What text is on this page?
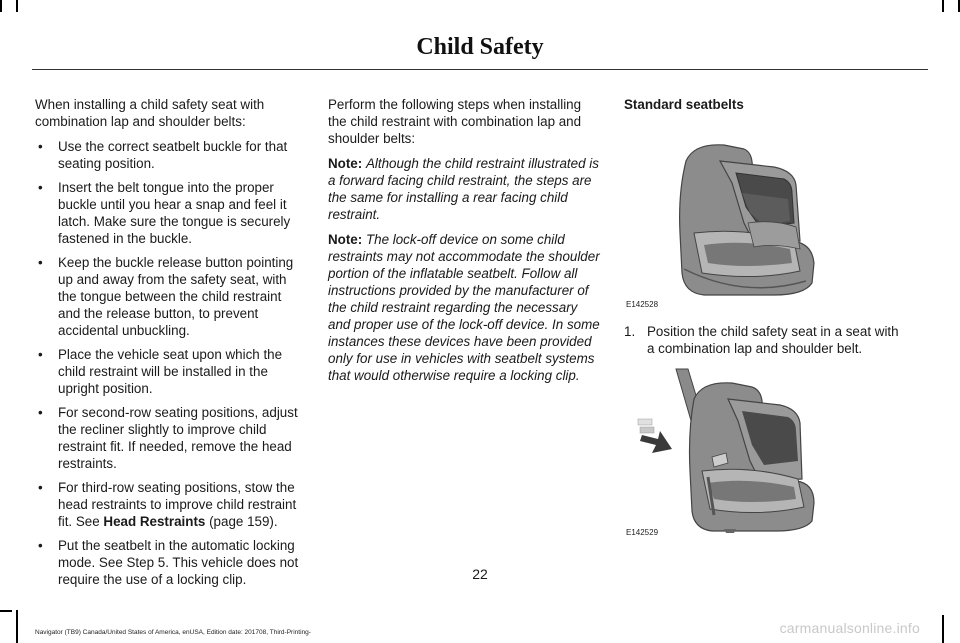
Child Safety

When installing a child safety seat with combination lap and shoulder belts:

• Use the correct seatbelt buckle for that seating position.
• Insert the belt tongue into the proper buckle until you hear a snap and feel it latch. Make sure the tongue is securely fastened in the buckle.
• Keep the buckle release button pointing up and away from the safety seat, with the tongue between the child restraint and the release button, to prevent accidental unbuckling.
• Place the vehicle seat upon which the child restraint will be installed in the upright position.
• For second-row seating positions, adjust the recliner slightly to improve child restraint fit. If needed, remove the head restraints.
• For third-row seating positions, stow the head restraints to improve child restraint fit. See Head Restraints (page 159).
• Put the seatbelt in the automatic locking mode. See Step 5. This vehicle does not require the use of a locking clip.

Perform the following steps when installing the child restraint with combination lap and shoulder belts:

Note: Although the child restraint illustrated is a forward facing child restraint, the steps are the same for installing a rear facing child restraint.

Note: The lock-off device on some child restraints may not accommodate the shoulder portion of the inflatable seatbelt. Follow all instructions provided by the manufacturer of the child restraint regarding the necessary and proper use of the lock-off device. In some instances these devices have been provided only for use in vehicles with seatbelt systems that would otherwise require a locking clip.

Standard seatbelts
E142528
1. Position the child safety seat in a seat with a combination lap and shoulder belt.
E142529
22
Navigator (TB9) Canada/United States of America, enUSA, Edition date: 201708, Third-Printing-	carmanualsonline.info
